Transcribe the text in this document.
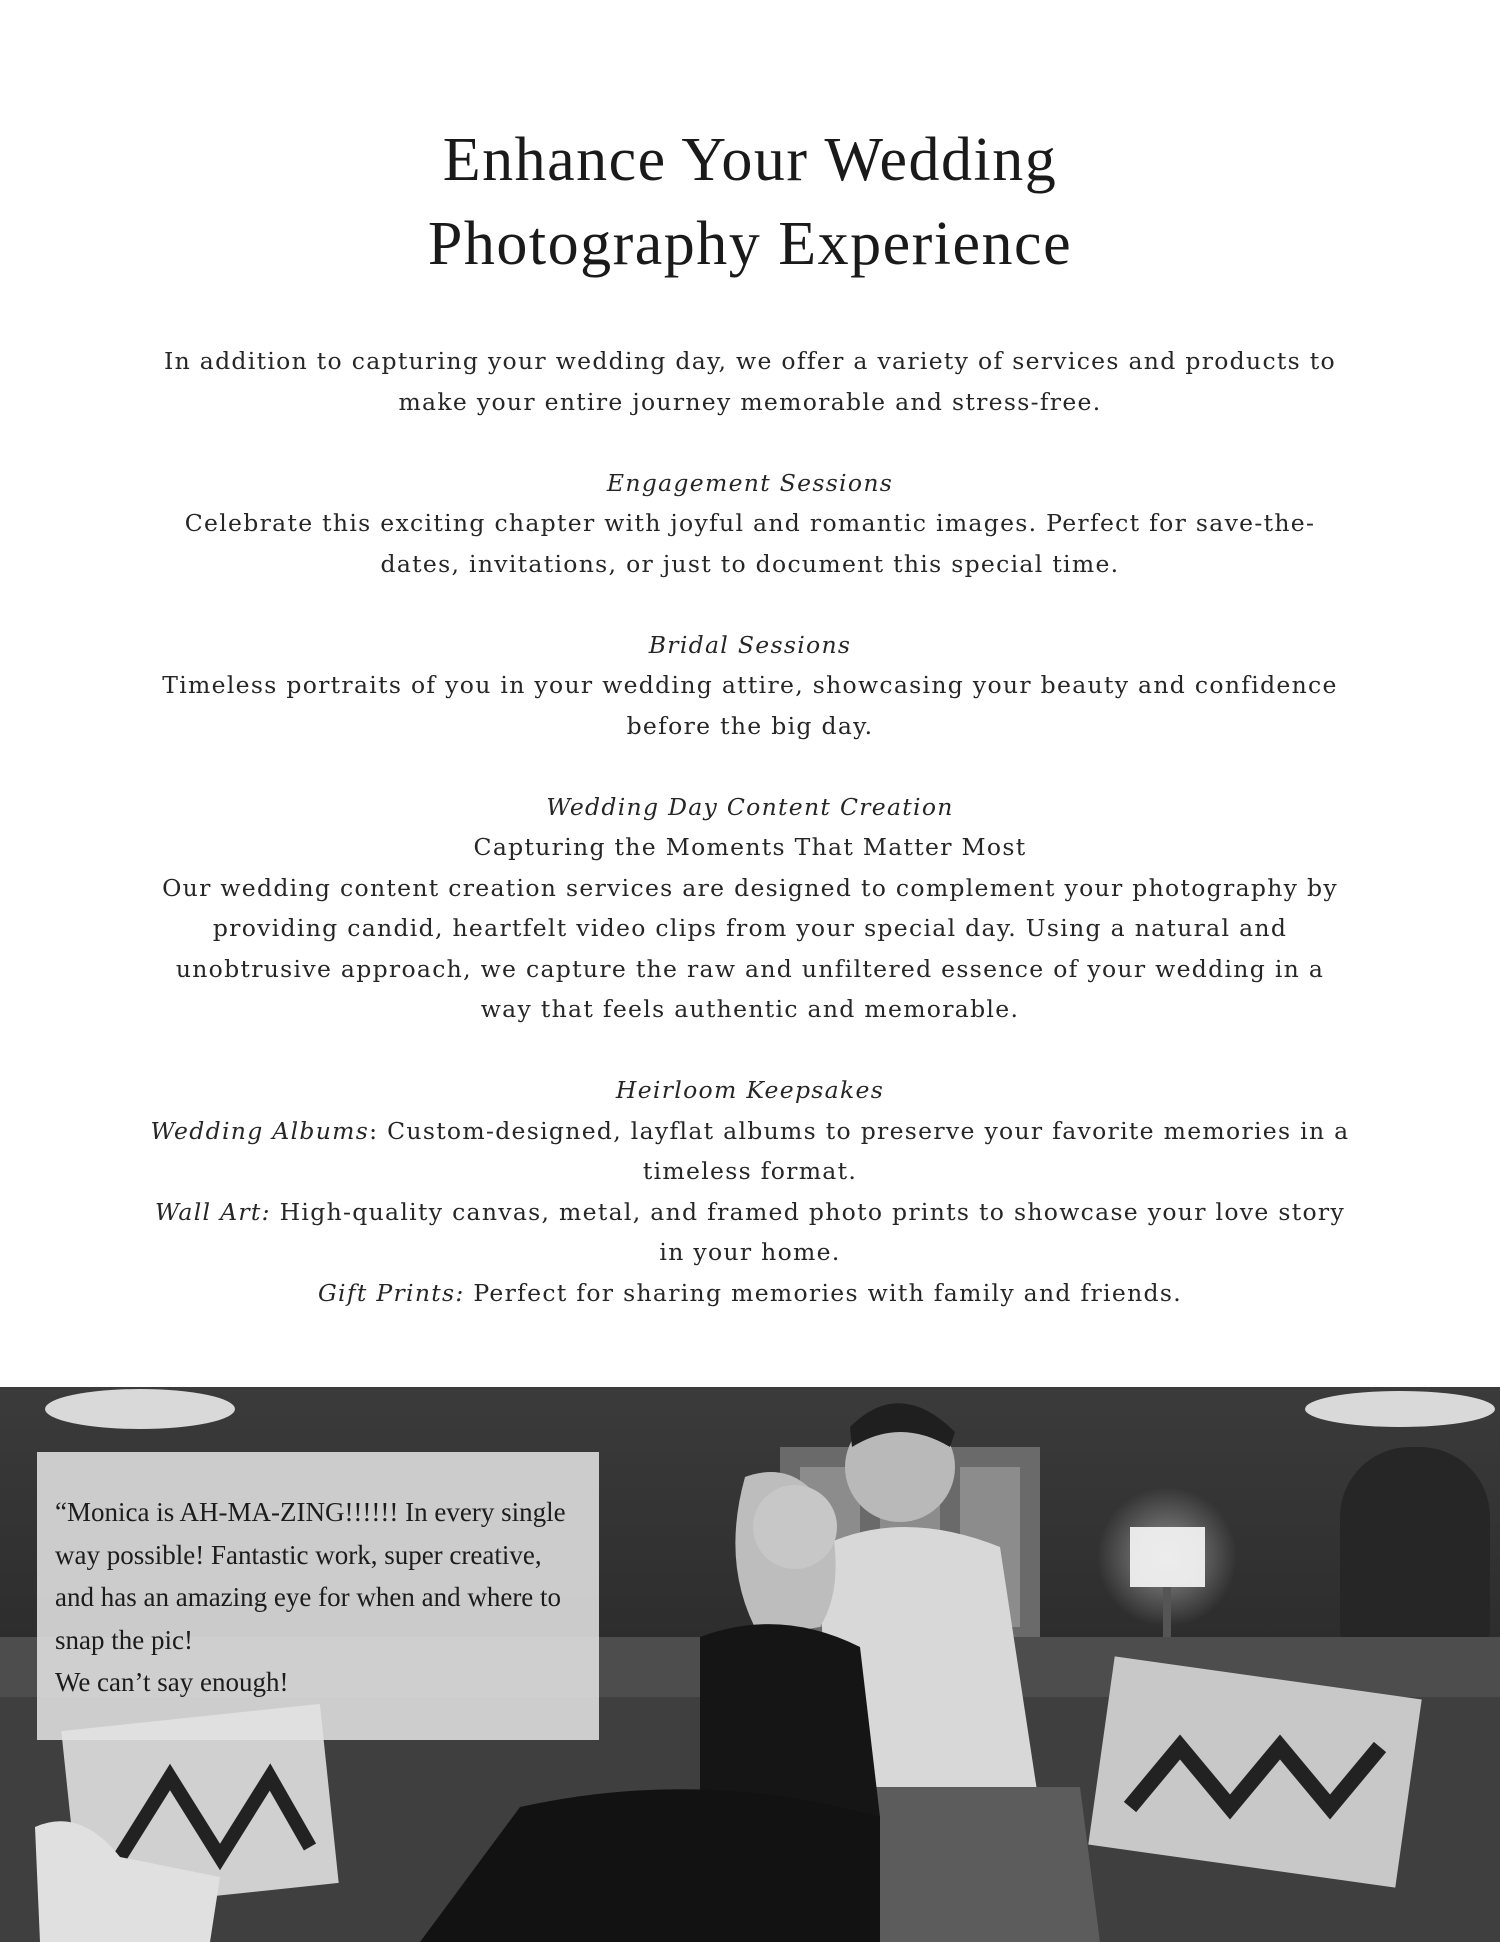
Enhance Your Wedding
Photography Experience

In addition to capturing your wedding day, we offer a variety of services and products to make your entire journey memorable and stress-free.

Engagement Sessions

Celebrate this exciting chapter with joyful and romantic images. Perfect for save-the-dates, invitations, or just to document this special time.

Bridal Sessions

Timeless portraits of you in your wedding attire, showcasing your beauty and confidence before the big day.

Wedding Day Content Creation

Capturing the Moments That Matter Most

Our wedding content creation services are designed to complement your photography by providing candid, heartfelt video clips from your special day. Using a natural and unobtrusive approach, we capture the raw and unfiltered essence of your wedding in a way that feels authentic and memorable.

Heirloom Keepsakes

Wedding Albums: Custom-designed, layflat albums to preserve your favorite memories in a timeless format.

Wall Art: High-quality canvas, metal, and framed photo prints to showcase your love story in your home.

Gift Prints: Perfect for sharing memories with family and friends.

“Monica is AH-MA-ZING!!!!!! In every single way possible! Fantastic work, super creative, and has an amazing eye for when and where to snap the pic!

We can’t say enough!
